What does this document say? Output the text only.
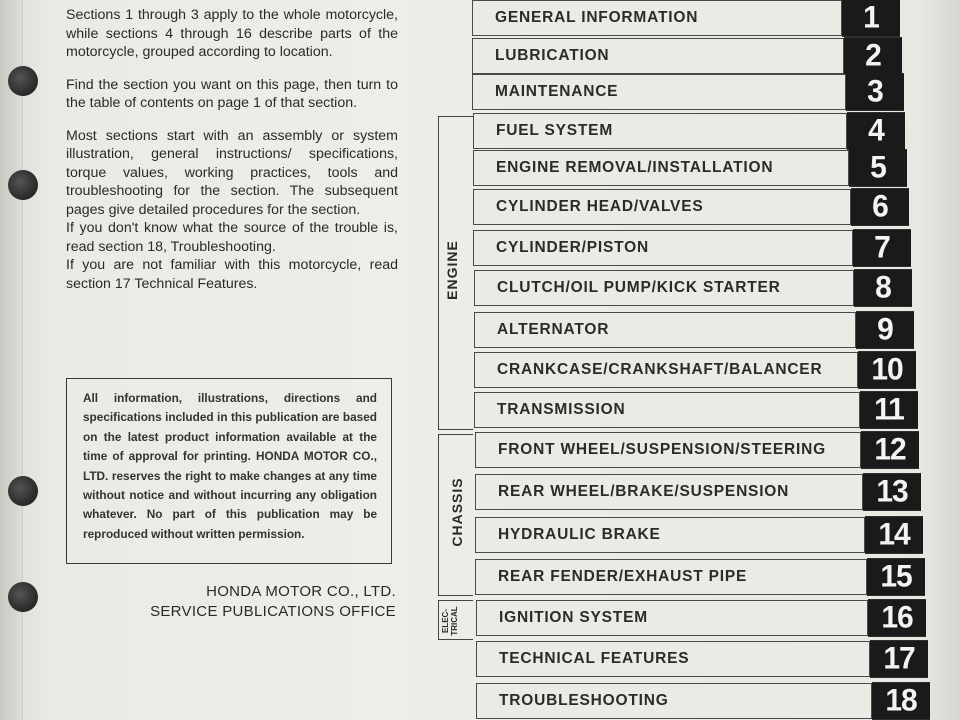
Sections 1 through 3 apply to the whole motorcycle, while sections 4 through 16 describe parts of the motorcycle, grouped according to location.

Find the section you want on this page, then turn to the table of contents on page 1 of that section.

Most sections start with an assembly or system illustration, general instructions/ specifications, torque values, working practices, tools and troubleshooting for the section. The subsequent pages give detailed procedures for the section.

If you don't know what the source of the trouble is, read section 18, Troubleshooting.

If you are not familiar with this motorcycle, read section 17 Technical Features.

All information, illustrations, directions and specifications included in this publication are based on the latest product information available at the time of approval for printing. HONDA MOTOR CO., LTD. reserves the right to make changes at any time without notice and without incurring any obligation whatever. No part of this publication may be reproduced without written permission.
HONDA MOTOR CO., LTD.
SERVICE PUBLICATIONS OFFICE
ENGINE
CHASSIS
ELEC- TRICAL
GENERAL INFORMATION	1
LUBRICATION	2
MAINTENANCE	3
FUEL SYSTEM	4
ENGINE REMOVAL/INSTALLATION	5
CYLINDER HEAD/VALVES	6
CYLINDER/PISTON	7
CLUTCH/OIL PUMP/KICK STARTER	8
ALTERNATOR	9
CRANKCASE/CRANKSHAFT/BALANCER	10
TRANSMISSION	11
FRONT WHEEL/SUSPENSION/STEERING	12
REAR WHEEL/BRAKE/SUSPENSION	13
HYDRAULIC BRAKE	14
REAR FENDER/EXHAUST PIPE	15
IGNITION SYSTEM	16
TECHNICAL FEATURES	17
TROUBLESHOOTING	18
